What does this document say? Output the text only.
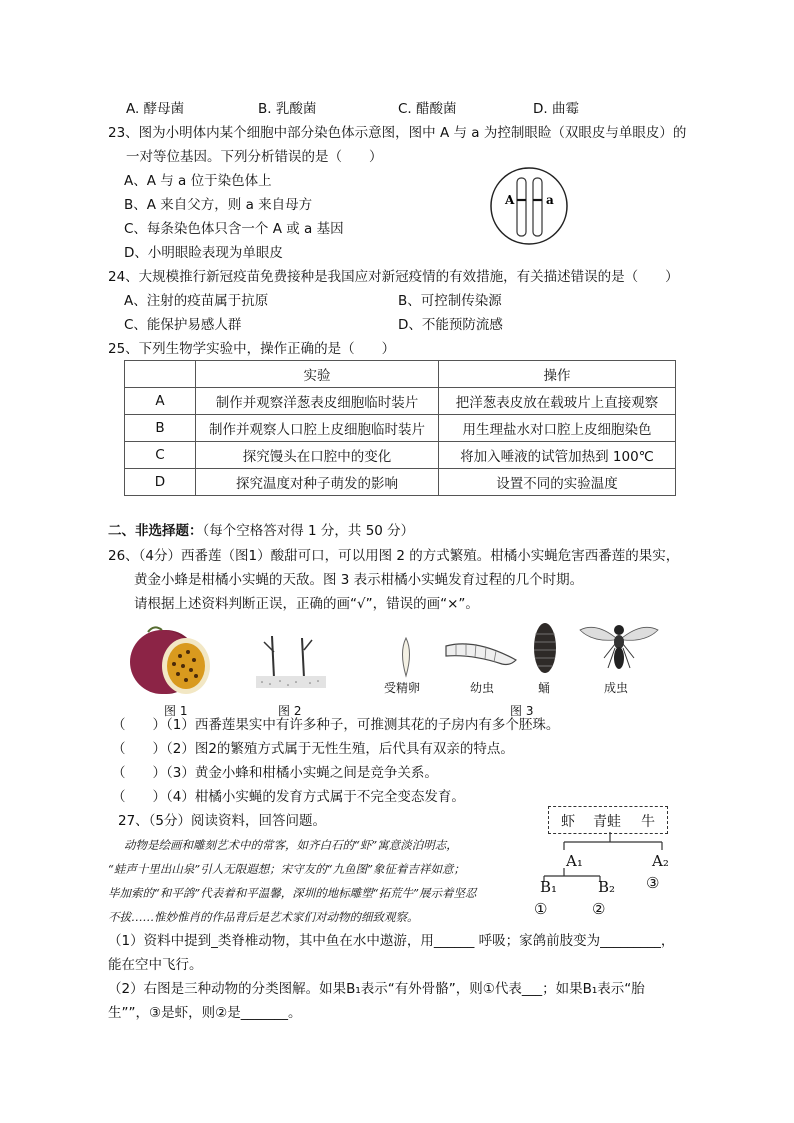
A. 酵母菌	B. 乳酸菌	C. 醋酸菌	D. 曲霉
23、图为小明体内某个细胞中部分染色体示意图，图中 A 与 a 为控制眼睑（双眼皮与单眼皮）的
一对等位基因。下列分析错误的是（　　）
A、A 与 a 位于染色体上
B、A 来自父方，则 a 来自母方
C、每条染色体只含一个 A 或 a 基因
D、小明眼睑表现为单眼皮
A	a
24、大规模推行新冠疫苗免费接种是我国应对新冠疫情的有效措施，有关描述错误的是（　　）
A、注射的疫苗属于抗原	B、可控制传染源
C、能保护易感人群	D、不能预防流感
25、下列生物学实验中，操作正确的是（　　）
	实验	操作
A	制作并观察洋葱表皮细胞临时装片	把洋葱表皮放在载玻片上直接观察
B	制作并观察人口腔上皮细胞临时装片	用生理盐水对口腔上皮细胞染色
C	探究馒头在口腔中的变化	将加入唾液的试管加热到 100℃
D	探究温度对种子萌发的影响	设置不同的实验温度
二、非选择题：（每个空格答对得 1 分，共 50 分）
26、（4分）西番莲（图1）酸甜可口，可以用图 2 的方式繁殖。柑橘小实蝇危害西番莲的果实，
黄金小蜂是柑橘小实蝇的天敌。图 3 表示柑橘小实蝇发育过程的几个时期。
请根据上述资料判断正误，正确的画“√”，错误的画“×”。
图 1	图 2
受精卵	幼虫	蛹	成虫
图 3
（　　）（1）西番莲果实中有许多种子，可推测其花的子房内有多个胚珠。
（　　）（2）图2的繁殖方式属于无性生殖，后代具有双亲的特点。
（　　）（3）黄金小蜂和柑橘小实蝇之间是竞争关系。
（　　）（4）柑橘小实蝇的发育方式属于不完全变态发育。
27、（5分）阅读资料，回答问题。
动物是绘画和雕刻艺术中的常客，如齐白石的“虾”寓意淡泊明志，
“蛙声十里出山泉”引人无限遐想；宋守友的“九鱼图”象征着吉祥如意；
毕加索的“和平鸽”代表着和平温馨，深圳的地标雕塑“拓荒牛”展示着坚忍
不拔……惟妙惟肖的作品背后是艺术家们对动物的细致观察。
虾 青蛙 牛
A₁	A₂
B₁	B₂ ③
①	②
（1）资料中提到_类脊椎动物，其中鱼在水中遨游，用______ 呼吸；家鸽前肢变为_________，
能在空中飞行。
（2）右图是三种动物的分类图解。如果B₁表示“有外骨骼”，则①代表___；如果B₁表示“胎
生””，③是虾，则②是_______。
